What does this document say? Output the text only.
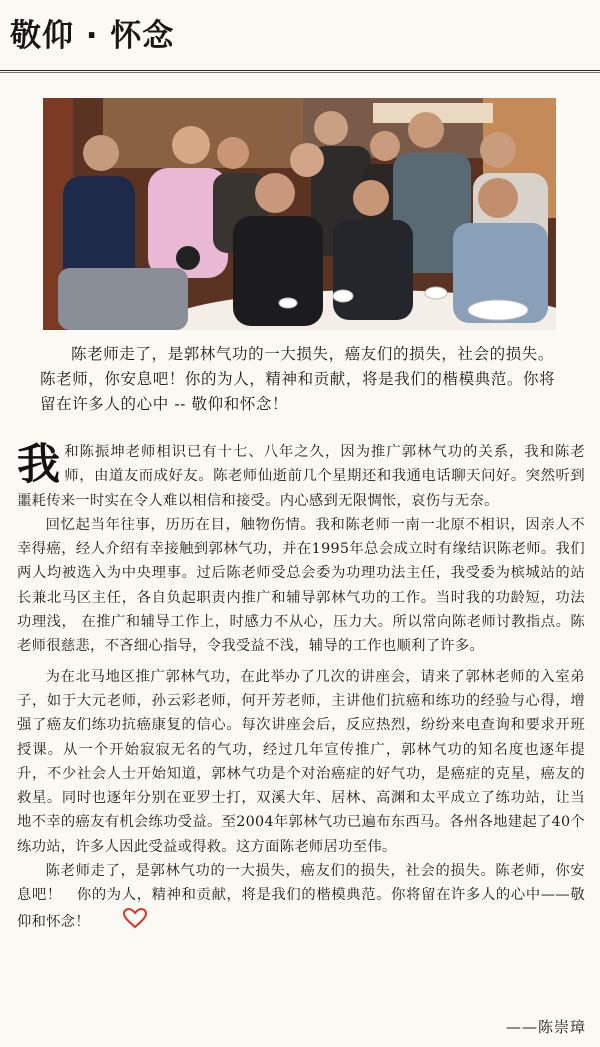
敬仰 · 怀念
陈老师走了，是郭林气功的一大损失，癌友们的损失，社会的损失。陈老师，你安息吧！你的为人，精神和贡献，将是我们的楷模典范。你将留在许多人的心中 -- 敬仰和怀念！

我和陈振坤老师相识已有十七、八年之久，因为推广郭林气功的关系，我和陈老师，由道友而成好友。陈老师仙逝前几个星期还和我通电话聊天问好。突然听到噩耗传来一时实在令人难以相信和接受。内心感到无限惆怅，哀伤与无奈。

回忆起当年往事，历历在目，触物伤情。我和陈老师一南一北原不相识，因亲人不幸得癌，经人介绍有幸接触到郭林气功，并在1995年总会成立时有缘结识陈老师。我们两人均被选入为中央理事。过后陈老师受总会委为功理功法主任，我受委为槟城站的站长兼北马区主任，各自负起职责内推广和辅导郭林气功的工作。当时我的功龄短，功法功理浅， 在推广和辅导工作上，时感力不从心，压力大。所以常向陈老师讨教指点。陈老师很慈悲，不吝细心指导，令我受益不浅，辅导的工作也顺利了许多。

为在北马地区推广郭林气功，在此举办了几次的讲座会，请来了郭林老师的入室弟子，如于大元老师，孙云彩老师，何开芳老师，主讲他们抗癌和练功的经验与心得，增强了癌友们练功抗癌康复的信心。每次讲座会后，反应热烈，纷纷来电查询和要求开班授课。从一个开始寂寂无名的气功，经过几年宣传推广，郭林气功的知名度也逐年提升，不少社会人士开始知道，郭林气功是个对治癌症的好气功，是癌症的克星，癌友的救星。同时也逐年分别在亚罗士打，双溪大年、居林、高渊和太平成立了练功站，让当地不幸的癌友有机会练功受益。至2004年郭林气功已遍布东西马。各州各地建起了40个练功站，许多人因此受益或得救。这方面陈老师居功至伟。

陈老师走了，是郭林气功的一大损失，癌友们的损失，社会的损失。陈老师，你安息吧！　你的为人，精神和贡献，将是我们的楷模典范。你将留在许多人的心中——敬仰和怀念！

——陈崇璋
